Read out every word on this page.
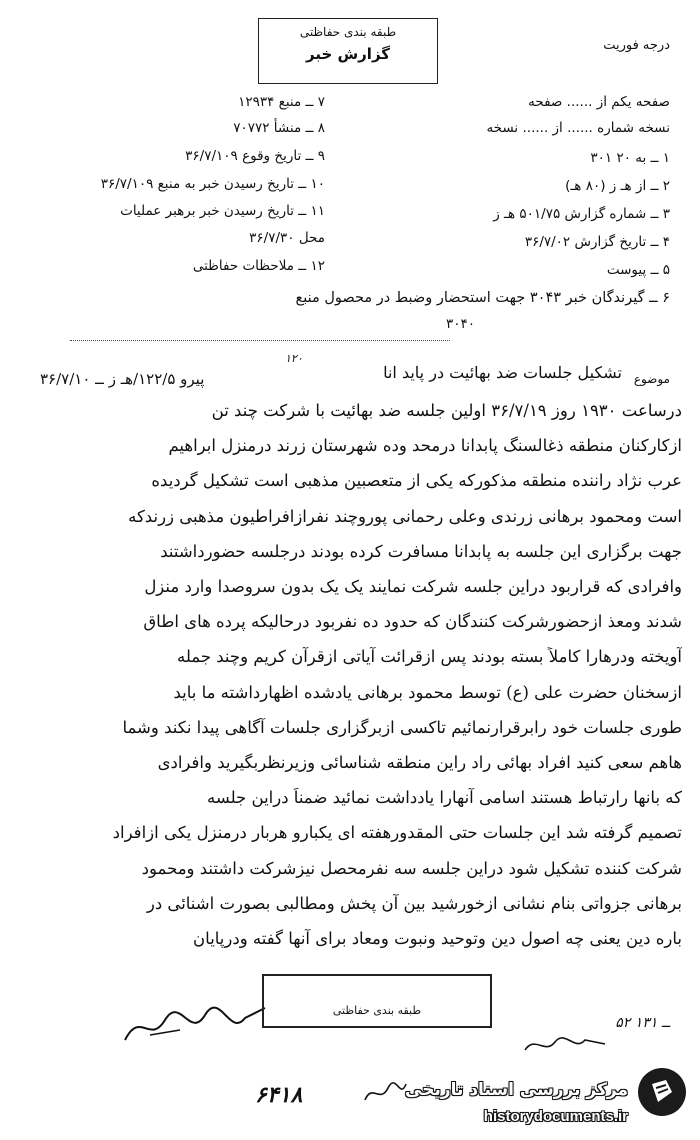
طبقه بندی حفاظتی
گزارش خبر	درجه فوریت
صفحه یکم از ...... صفحه
نسخه شماره ...... از ...... نسخه
۷ ــ منبع ۱۲۹۳۴
۸ ــ منشأ ۷۰۷۷۲
۹ ــ تاریخ وقوع ۳۶/۷/۱۰۹
۱۰ ــ تاریخ رسیدن خبر به منبع ۳۶/۷/۱۰۹
۱۱ ــ تاریخ رسیدن خبر برهبر عملیات
محل ۳۶/۷/۳۰
۱۲ ــ ملاحظات حفاظتی
۱ ــ به ۲۰ ۳۰۱
۲ ــ از هـ ز (۸۰ هـ)
۳ ــ شماره گزارش ۵۰۱/۷۵ هـ ز
۴ ــ تاریخ گزارش ۳۶/۷/۰۲
۵ ــ پیوست
۶ ــ گیرندگان خبر ۳۰۴۳ جهت استحضار وضبط در محصول منبع
۳۰۴۰
موضوع
تشکیل جلسات ضد بهائیت در پاید انا
پیرو ۱۲۲/۵/هـ ز ــ ۳۶/۷/۱۰
۱۲۰
درساعت ۱۹۳۰ روز ۳۶/۷/۱۹ اولین جلسه ضد بهائیت با شرکت چند تن
ازکارکنان منطقه ذغالسنگ پابدانا درمحد وده شهرستان زرند درمنزل ابراهیم
عرب نژاد راننده منطقه مذکورکه یکی از متعصبین مذهبی است تشکیل گردیده
است ومحمود برهانی زرندی وعلی رحمانی پوروچند نفرازافراطیون مذهبی زرندکه
جهت برگزاری این جلسه به پابدانا مسافرت کرده بودند درجلسه حضورداشتند
وافرادی که قراربود دراین جلسه شرکت نمایند یک یک بدون سروصدا وارد منزل
شدند ومعذ ازحضورشرکت کنندگان که حدود ده نفربود درحالیکه پرده های اطاق
آویخته ودرهارا کاملاً بسته بودند پس ازقرائت آیاتی ازقرآن کریم وچند جمله
ازسخنان حضرت علی (ع) توسط محمود برهانی یادشده اظهارداشته ما باید
طوری جلسات خود رابرقرارنمائیم تاکسی ازبرگزاری جلسات آگاهی پیدا نکند وشما
هاهم سعی کنید افراد بهائی راد راین منطقه شناسائی وزیرنظربگیرید وافرادی
که بانها رارتباط هستند اسامی آنهارا یادداشت نمائید ضمناً دراین جلسه
تصمیم گرفته شد این جلسات حتی المقدورهفته ای یکبارو هربار درمنزل یکی ازافراد
شرکت کننده تشکیل شود دراین جلسه سه نفرمحصل نیزشرکت داشتند ومحمود
برهانی جزواتی بنام نشانی ازخورشید بین آن پخش ومطالبی بصورت اشنائی در
باره دین یعنی چه اصول دین وتوحید ونبوت ومعاد برای آنها گفته ودرپایان
طبقه بندی حفاظتی
۵۲ ــ ۱۳۱
۶۴۱۸	مرکز بررسی اسناد تاریخی
historydocuments.ir
